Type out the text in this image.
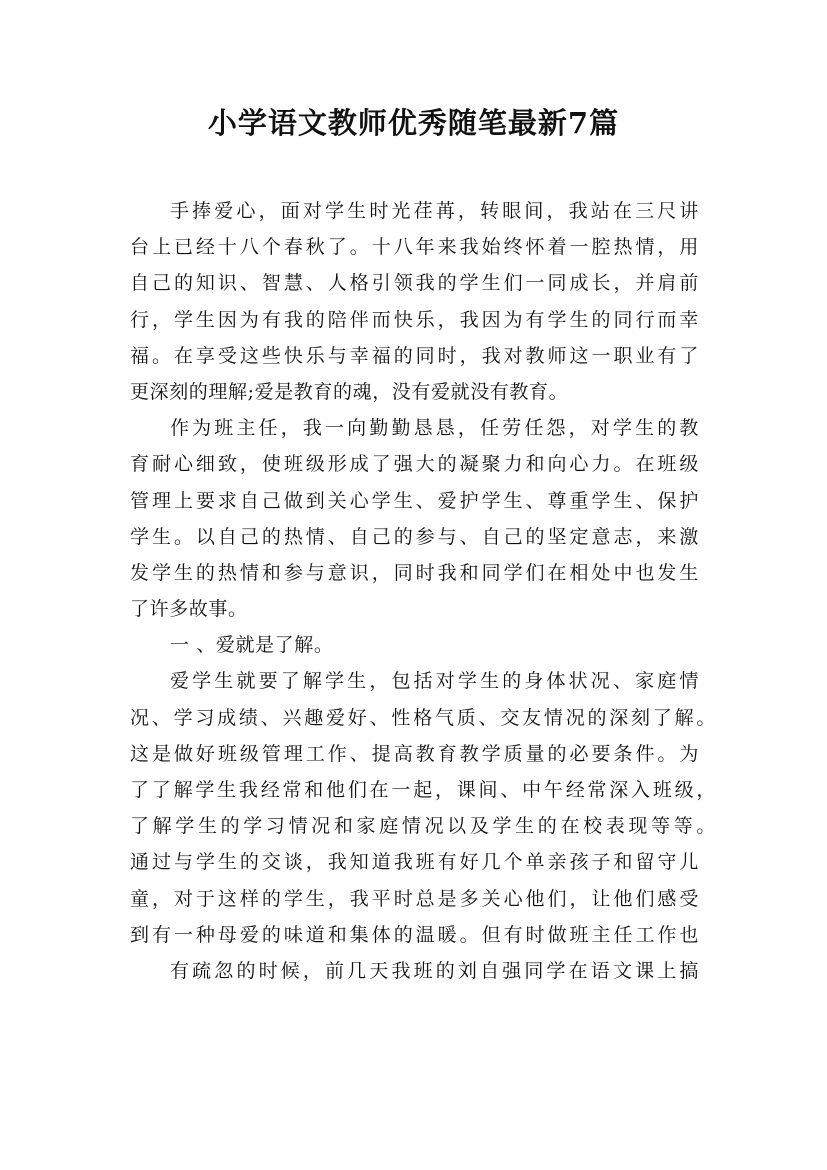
小学语文教师优秀随笔最新7篇
手捧爱心，面对学生时光荏苒，转眼间，我站在三尺讲
台上已经十八个春秋了。十八年来我始终怀着一腔热情，用
自己的知识、智慧、人格引领我的学生们一同成长，并肩前
行，学生因为有我的陪伴而快乐，我因为有学生的同行而幸
福。在享受这些快乐与幸福的同时，我对教师这一职业有了
更深刻的理解;爱是教育的魂，没有爱就没有教育。
作为班主任，我一向勤勤恳恳，任劳任怨，对学生的教
育耐心细致，使班级形成了强大的凝聚力和向心力。在班级
管理上要求自己做到关心学生、爱护学生、尊重学生、保护
学生。以自己的热情、自己的参与、自己的坚定意志，来激
发学生的热情和参与意识，同时我和同学们在相处中也发生
了许多故事。
一 、爱就是了解。
爱学生就要了解学生，包括对学生的身体状况、家庭情
况、学习成绩、兴趣爱好、性格气质、交友情况的深刻了解。
这是做好班级管理工作、提高教育教学质量的必要条件。为
了了解学生我经常和他们在一起，课间、中午经常深入班级，
了解学生的学习情况和家庭情况以及学生的在校表现等等。
通过与学生的交谈，我知道我班有好几个单亲孩子和留守儿
童，对于这样的学生，我平时总是多关心他们，让他们感受
到有一种母爱的味道和集体的温暖。但有时做班主任工作也
有疏忽的时候，前几天我班的刘自强同学在语文课上搞
